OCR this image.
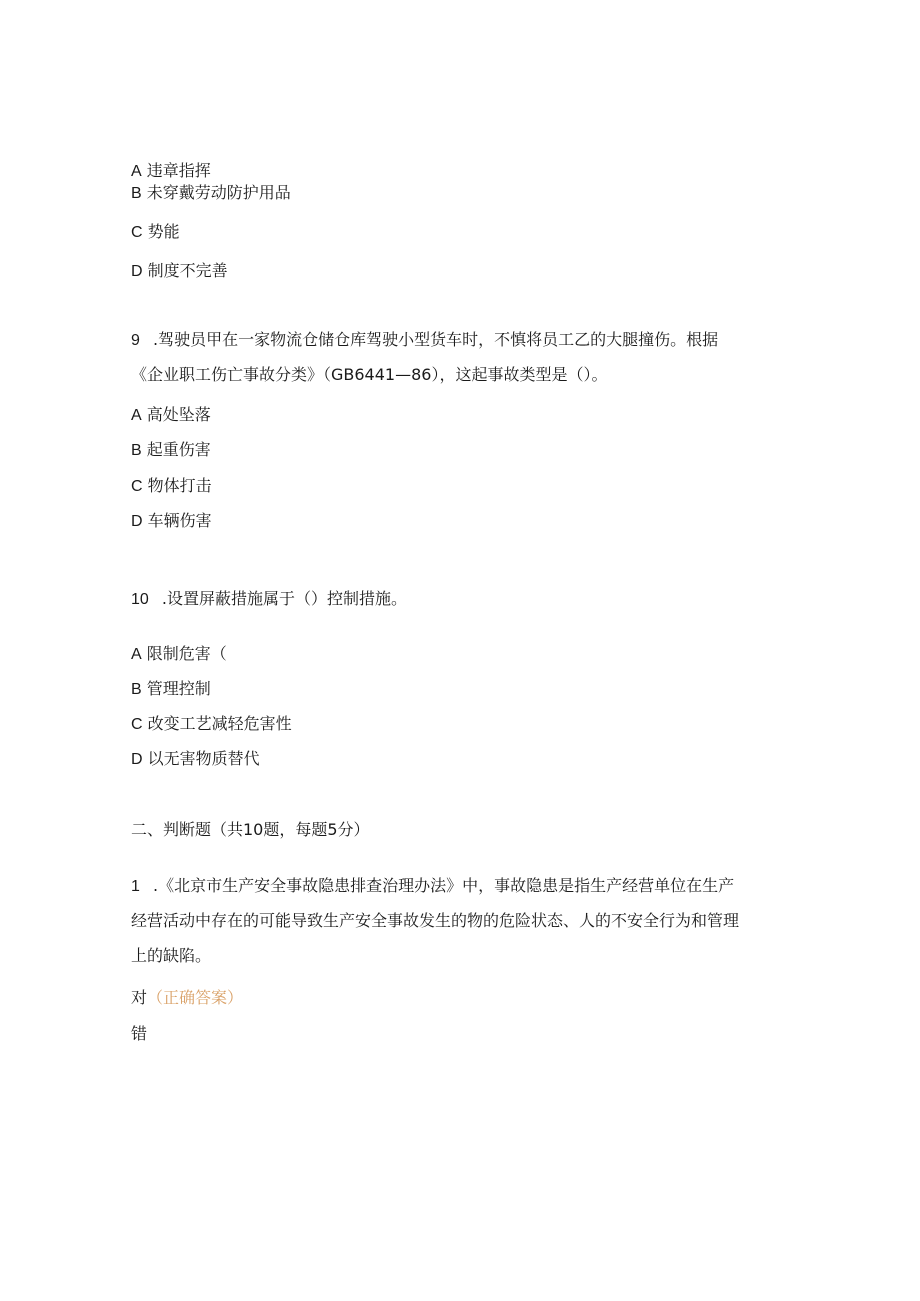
A 违章指挥
B 未穿戴劳动防护用品
C 势能
D 制度不完善
9 .驾驶员甲在一家物流仓储仓库驾驶小型货车时，不慎将员工乙的大腿撞伤。根据
《企业职工伤亡事故分类》（GB6441—86），这起事故类型是（）。
A 高处坠落
B 起重伤害
C 物体打击
D 车辆伤害
10 .设置屏蔽措施属于（）控制措施。
A 限制危害（
B 管理控制
C 改变工艺减轻危害性
D 以无害物质替代
二、判断题（共10题，每题5分）
1 .《北京市生产安全事故隐患排查治理办法》中，事故隐患是指生产经营单位在生产
经营活动中存在的可能导致生产安全事故发生的物的危险状态、人的不安全行为和管理
上的缺陷。
对（正确答案）
错
